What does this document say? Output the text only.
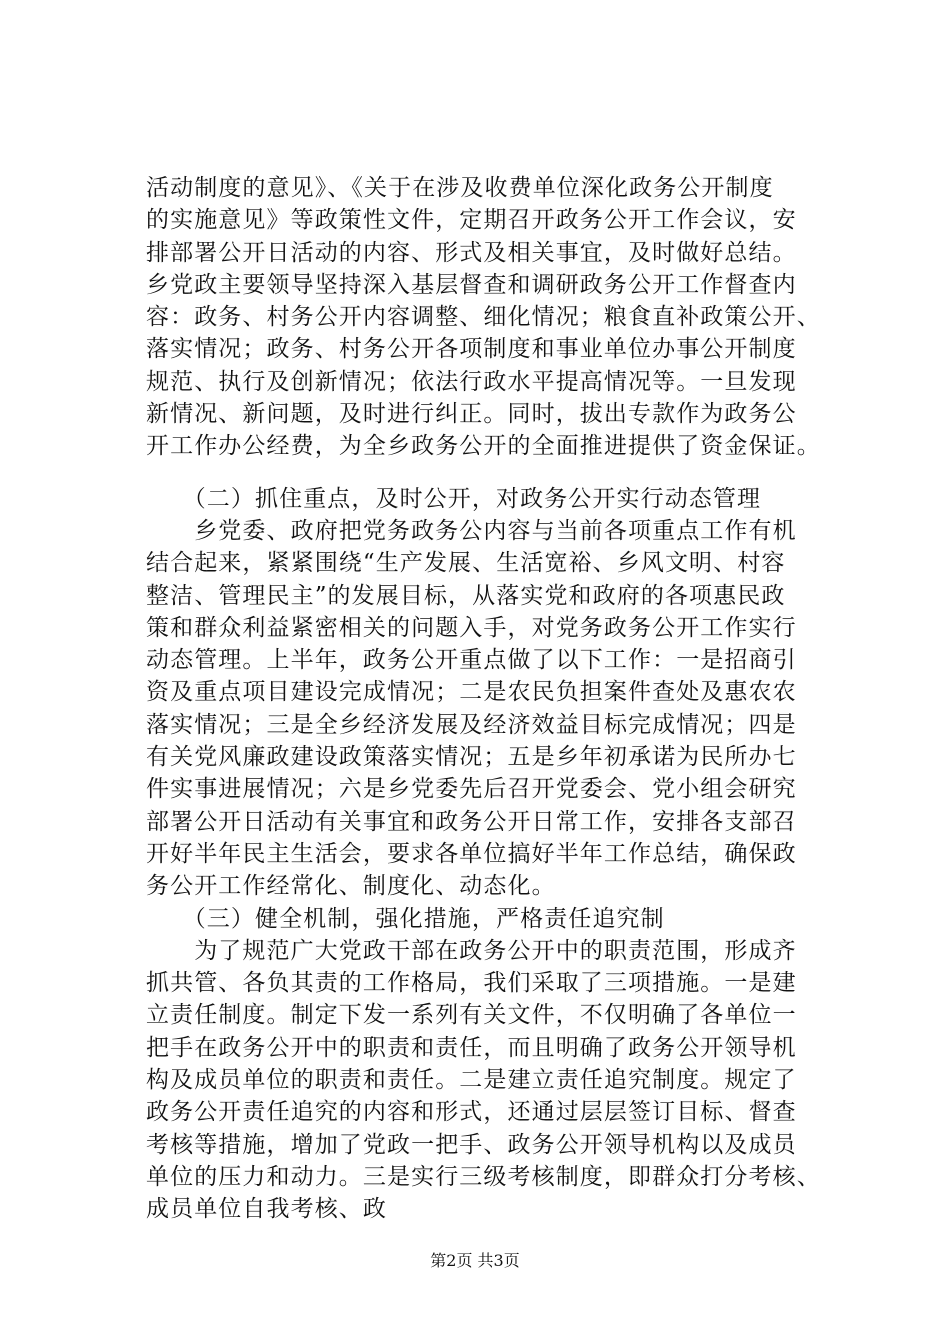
活动制度的意见》、《关于在涉及收费单位深化政务公开制度
的实施意见》等政策性文件，定期召开政务公开工作会议，安
排部署公开日活动的内容、形式及相关事宜，及时做好总结。
乡党政主要领导坚持深入基层督查和调研政务公开工作督查内
容：政务、村务公开内容调整、细化情况；粮食直补政策公开、
落实情况；政务、村务公开各项制度和事业单位办事公开制度
规范、执行及创新情况；依法行政水平提高情况等。一旦发现
新情况、新问题，及时进行纠正。同时，拔出专款作为政务公
开工作办公经费，为全乡政务公开的全面推进提供了资金保证。
　　（二）抓住重点，及时公开，对政务公开实行动态管理
　　乡党委、政府把党务政务公内容与当前各项重点工作有机
结合起来，紧紧围绕“生产发展、生活宽裕、乡风文明、村容
整洁、管理民主”的发展目标，从落实党和政府的各项惠民政
策和群众利益紧密相关的问题入手，对党务政务公开工作实行
动态管理。上半年，政务公开重点做了以下工作：一是招商引
资及重点项目建设完成情况；二是农民负担案件查处及惠农农
落实情况；三是全乡经济发展及经济效益目标完成情况；四是
有关党风廉政建设政策落实情况；五是乡年初承诺为民所办七
件实事进展情况；六是乡党委先后召开党委会、党小组会研究
部署公开日活动有关事宜和政务公开日常工作，安排各支部召
开好半年民主生活会，要求各单位搞好半年工作总结，确保政
务公开工作经常化、制度化、动态化。
　　（三）健全机制，强化措施，严格责任追究制
　　为了规范广大党政干部在政务公开中的职责范围，形成齐
抓共管、各负其责的工作格局，我们采取了三项措施。一是建
立责任制度。制定下发一系列有关文件，不仅明确了各单位一
把手在政务公开中的职责和责任，而且明确了政务公开领导机
构及成员单位的职责和责任。二是建立责任追究制度。规定了
政务公开责任追究的内容和形式，还通过层层签订目标、督查
考核等措施，增加了党政一把手、政务公开领导机构以及成员
单位的压力和动力。三是实行三级考核制度，即群众打分考核、
成员单位自我考核、政
第2页 共3页
